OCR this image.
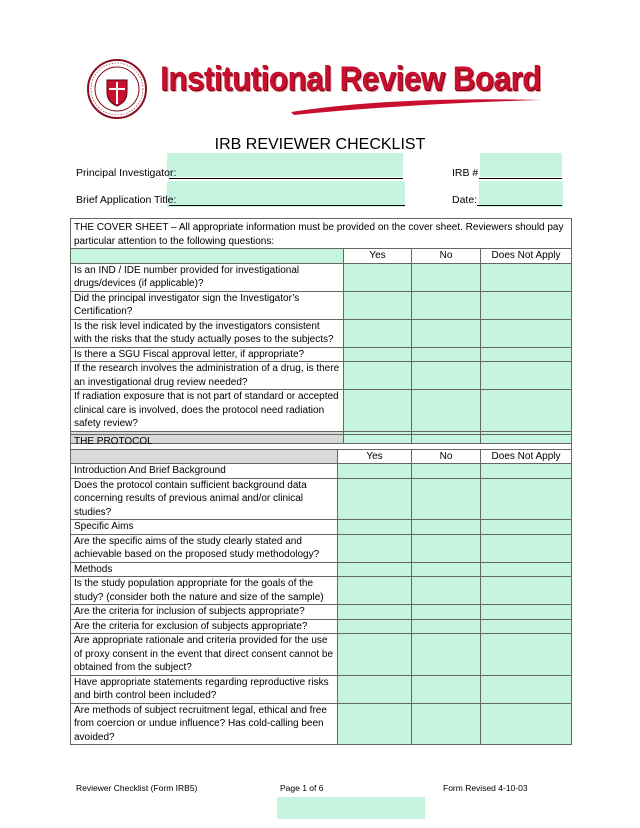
Institutional Review Board
IRB REVIEWER CHECKLIST
Principal Investigator:	IRB #
Brief Application Title:	Date:
THE COVER SHEET – All appropriate information must be provided on the cover sheet. Reviewers should pay particular attention to the following questions:			
	Yes	No	Does Not Apply
Is an IND / IDE number provided for investigational drugs/devices (if applicable)?			
Did the principal investigator sign the Investigator’s Certification?			
Is the risk level indicated by the investigators consistent with the risks that the study actually poses to the subjects?			
Is there a SGU Fiscal approval letter, if appropriate?			
If the research involves the administration of a drug, is there an investigational drug review needed?			
If radiation exposure that is not part of standard or accepted clinical care is involved, does the protocol need radiation safety review?			

THE PROTOCOL			
	Yes	No	Does Not Apply
Introduction And Brief Background			
Does the protocol contain sufficient background data concerning results of previous animal and/or clinical studies?			
Specific Aims			
Are the specific aims of the study clearly stated and achievable based on the proposed study methodology?			
Methods			
Is the study population appropriate for the goals of the study? (consider both the nature and size of the sample)			
Are the criteria for inclusion of subjects appropriate?			
Are the criteria for exclusion of subjects appropriate?			
Are appropriate rationale and criteria provided for the use of proxy consent in the event that direct consent cannot be obtained from the subject?			
Have appropriate statements regarding reproductive risks and birth control been included?			
Are methods of subject recruitment legal, ethical and free from coercion or undue influence? Has cold-calling been avoided?			
Reviewer Checklist (Form IRB5)	Page 1 of 6	Form Revised 4-10-03
